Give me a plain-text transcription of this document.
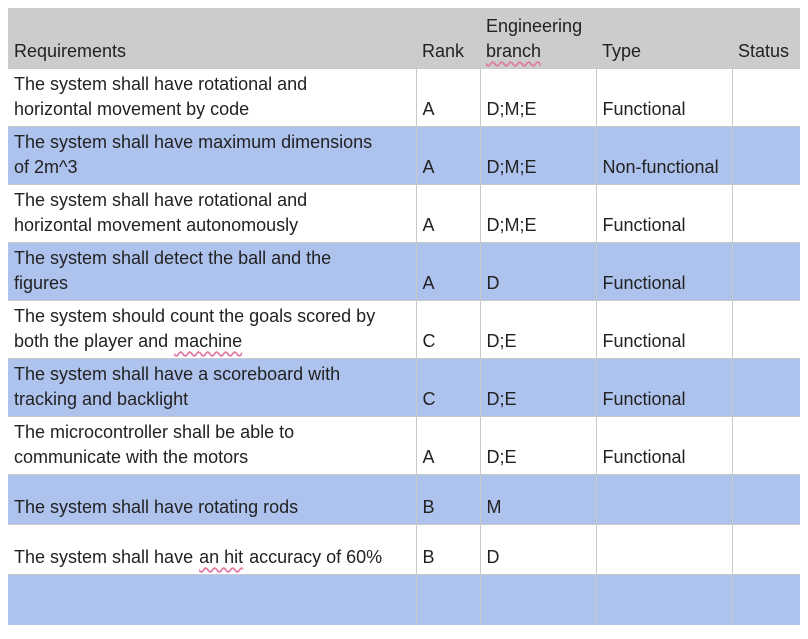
Requirements	Rank	Engineering
branch	Type	Status
The system shall have rotational and
horizontal movement by code	A	D;M;E	Functional	
The system shall have maximum dimensions
of 2m^3	A	D;M;E	Non-functional	
The system shall have rotational and
horizontal movement autonomously	A	D;M;E	Functional	
The system shall detect the ball and the
figures	A	D	Functional	
The system should count the goals scored by
both the player and machine	C	D;E	Functional	
The system shall have a scoreboard with
tracking and backlight	C	D;E	Functional	
The microcontroller shall be able to
communicate with the motors	A	D;E	Functional	
The system shall have rotating rods	B	M		
The system shall have an hit accuracy of 60%	B	D		
